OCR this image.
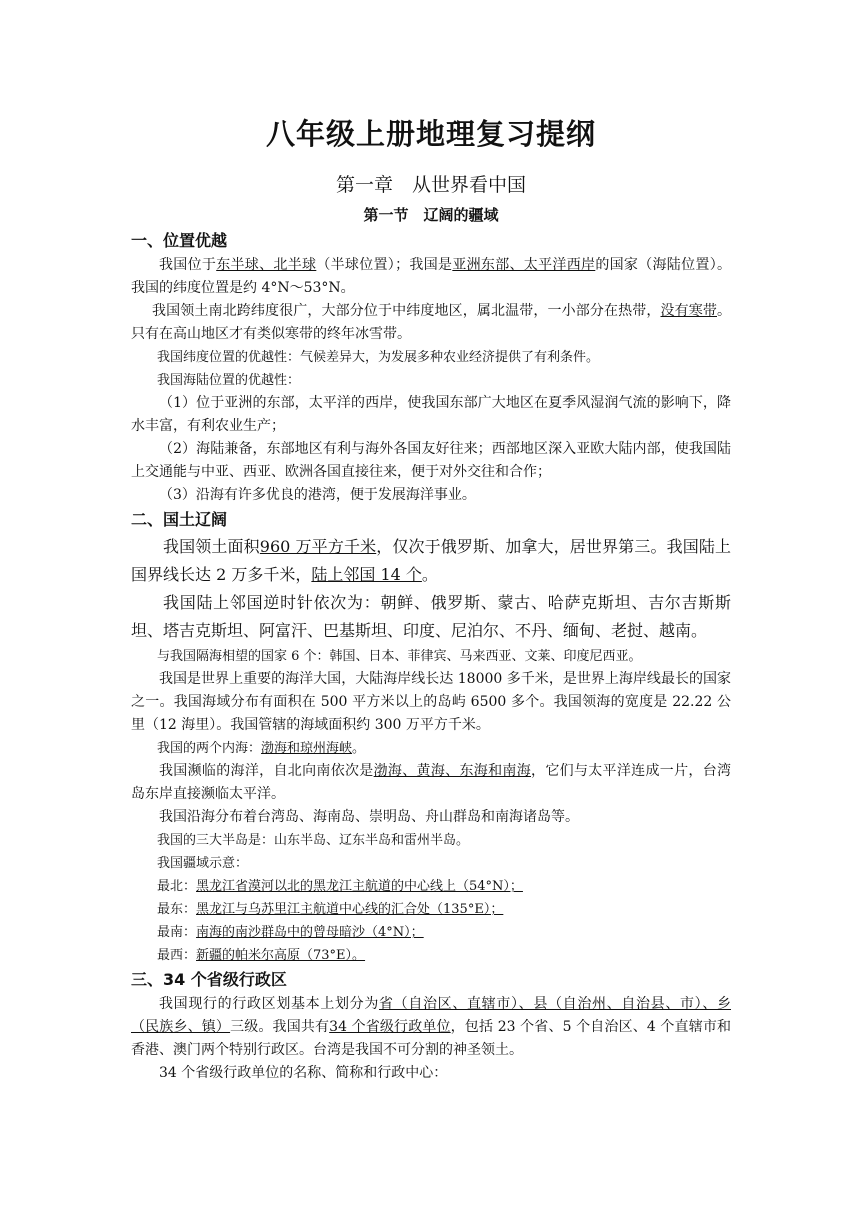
八年级上册地理复习提纲
第一章　从世界看中国
第一节　辽阔的疆域
一、位置优越

我国位于东半球、北半球（半球位置）；我国是亚洲东部、太平洋西岸的国家（海陆位置）。我国的纬度位置是约 4°N～53°N。

我国领土南北跨纬度很广，大部分位于中纬度地区，属北温带，一小部分在热带，没有寒带。只有在高山地区才有类似寒带的终年冰雪带。

我国纬度位置的优越性：气候差异大，为发展多种农业经济提供了有利条件。

我国海陆位置的优越性：

（1）位于亚洲的东部，太平洋的西岸，使我国东部广大地区在夏季风湿润气流的影响下，降水丰富，有利农业生产；

（2）海陆兼备，东部地区有利与海外各国友好往来；西部地区深入亚欧大陆内部，使我国陆上交通能与中亚、西亚、欧洲各国直接往来，便于对外交往和合作；

（3）沿海有许多优良的港湾，便于发展海洋事业。

二、国土辽阔

我国领土面积960 万平方千米，仅次于俄罗斯、加拿大，居世界第三。我国陆上国界线长达 2 万多千米，陆上邻国 14 个。

我国陆上邻国逆时针依次为：朝鲜、俄罗斯、蒙古、哈萨克斯坦、吉尔吉斯斯坦、塔吉克斯坦、阿富汗、巴基斯坦、印度、尼泊尔、不丹、缅甸、老挝、越南。

与我国隔海相望的国家 6 个：韩国、日本、菲律宾、马来西亚、文莱、印度尼西亚。

我国是世界上重要的海洋大国，大陆海岸线长达 18000 多千米，是世界上海岸线最长的国家之一。我国海域分布有面积在 500 平方米以上的岛屿 6500 多个。我国领海的宽度是 22.22 公里（12 海里）。我国管辖的海域面积约 300 万平方千米。

我国的两个内海：渤海和琼州海峡。

我国濒临的海洋，自北向南依次是渤海、黄海、东海和南海，它们与太平洋连成一片，台湾岛东岸直接濒临太平洋。

我国沿海分布着台湾岛、海南岛、崇明岛、舟山群岛和南海诸岛等。

我国的三大半岛是：山东半岛、辽东半岛和雷州半岛。

我国疆域示意：

最北：黑龙江省漠河以北的黑龙江主航道的中心线上（54°N）；

最东：黑龙江与乌苏里江主航道中心线的汇合处（135°E）；

最南：南海的南沙群岛中的曾母暗沙（4°N）；

最西：新疆的帕米尔高原（73°E）。

三、34 个省级行政区

我国现行的行政区划基本上划分为省（自治区、直辖市）、县（自治州、自治县、市）、乡（民族乡、镇）三级。我国共有34 个省级行政单位，包括 23 个省、5 个自治区、4 个直辖市和香港、澳门两个特别行政区。台湾是我国不可分割的神圣领土。

34 个省级行政单位的名称、简称和行政中心：
